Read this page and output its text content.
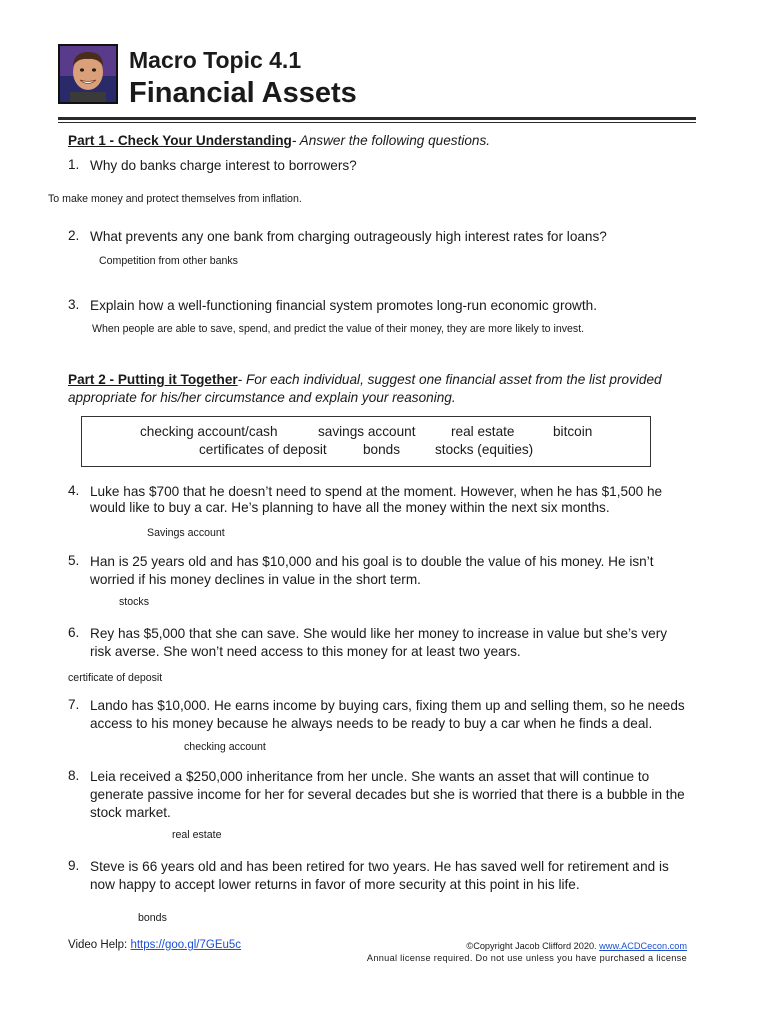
Macro Topic 4.1
Financial Assets
Part 1 - Check Your Understanding- Answer the following questions.
1. Why do banks charge interest to borrowers?
To make money and protect themselves from inflation.
2. What prevents any one bank from charging outrageously high interest rates for loans?
Competition from other banks
3. Explain how a well-functioning financial system promotes long-run economic growth.
When people are able to save, spend, and predict the value of their money, they are more likely to invest.
Part 2 - Putting it Together- For each individual, suggest one financial asset from the list provided
appropriate for his/her circumstance and explain your reasoning.
checking account/cash	savings account	real estate	bitcoin
certificates of deposit	bonds	stocks (equities)
4. Luke has $700 that he doesn’t need to spend at the moment. However, when he has $1,500 he
would like to buy a car. He’s planning to have all the money within the next six months.
Savings account
5. Han is 25 years old and has $10,000 and his goal is to double the value of his money. He isn’t
worried if his money declines in value in the short term.
stocks
6. Rey has $5,000 that she can save. She would like her money to increase in value but she’s very
risk averse. She won’t need access to this money for at least two years.
certificate of deposit
7. Lando has $10,000. He earns income by buying cars, fixing them up and selling them, so he needs
access to his money because he always needs to be ready to buy a car when he finds a deal.
checking account
8. Leia received a $250,000 inheritance from her uncle. She wants an asset that will continue to
generate passive income for her for several decades but she is worried that there is a bubble in the
stock market.
real estate
9. Steve is 66 years old and has been retired for two years. He has saved well for retirement and is
now happy to accept lower returns in favor of more security at this point in his life.
bonds
Video Help: https://goo.gl/7GEu5c	©Copyright Jacob Clifford 2020. www.ACDCecon.com
Annual license required. Do not use unless you have purchased a license
